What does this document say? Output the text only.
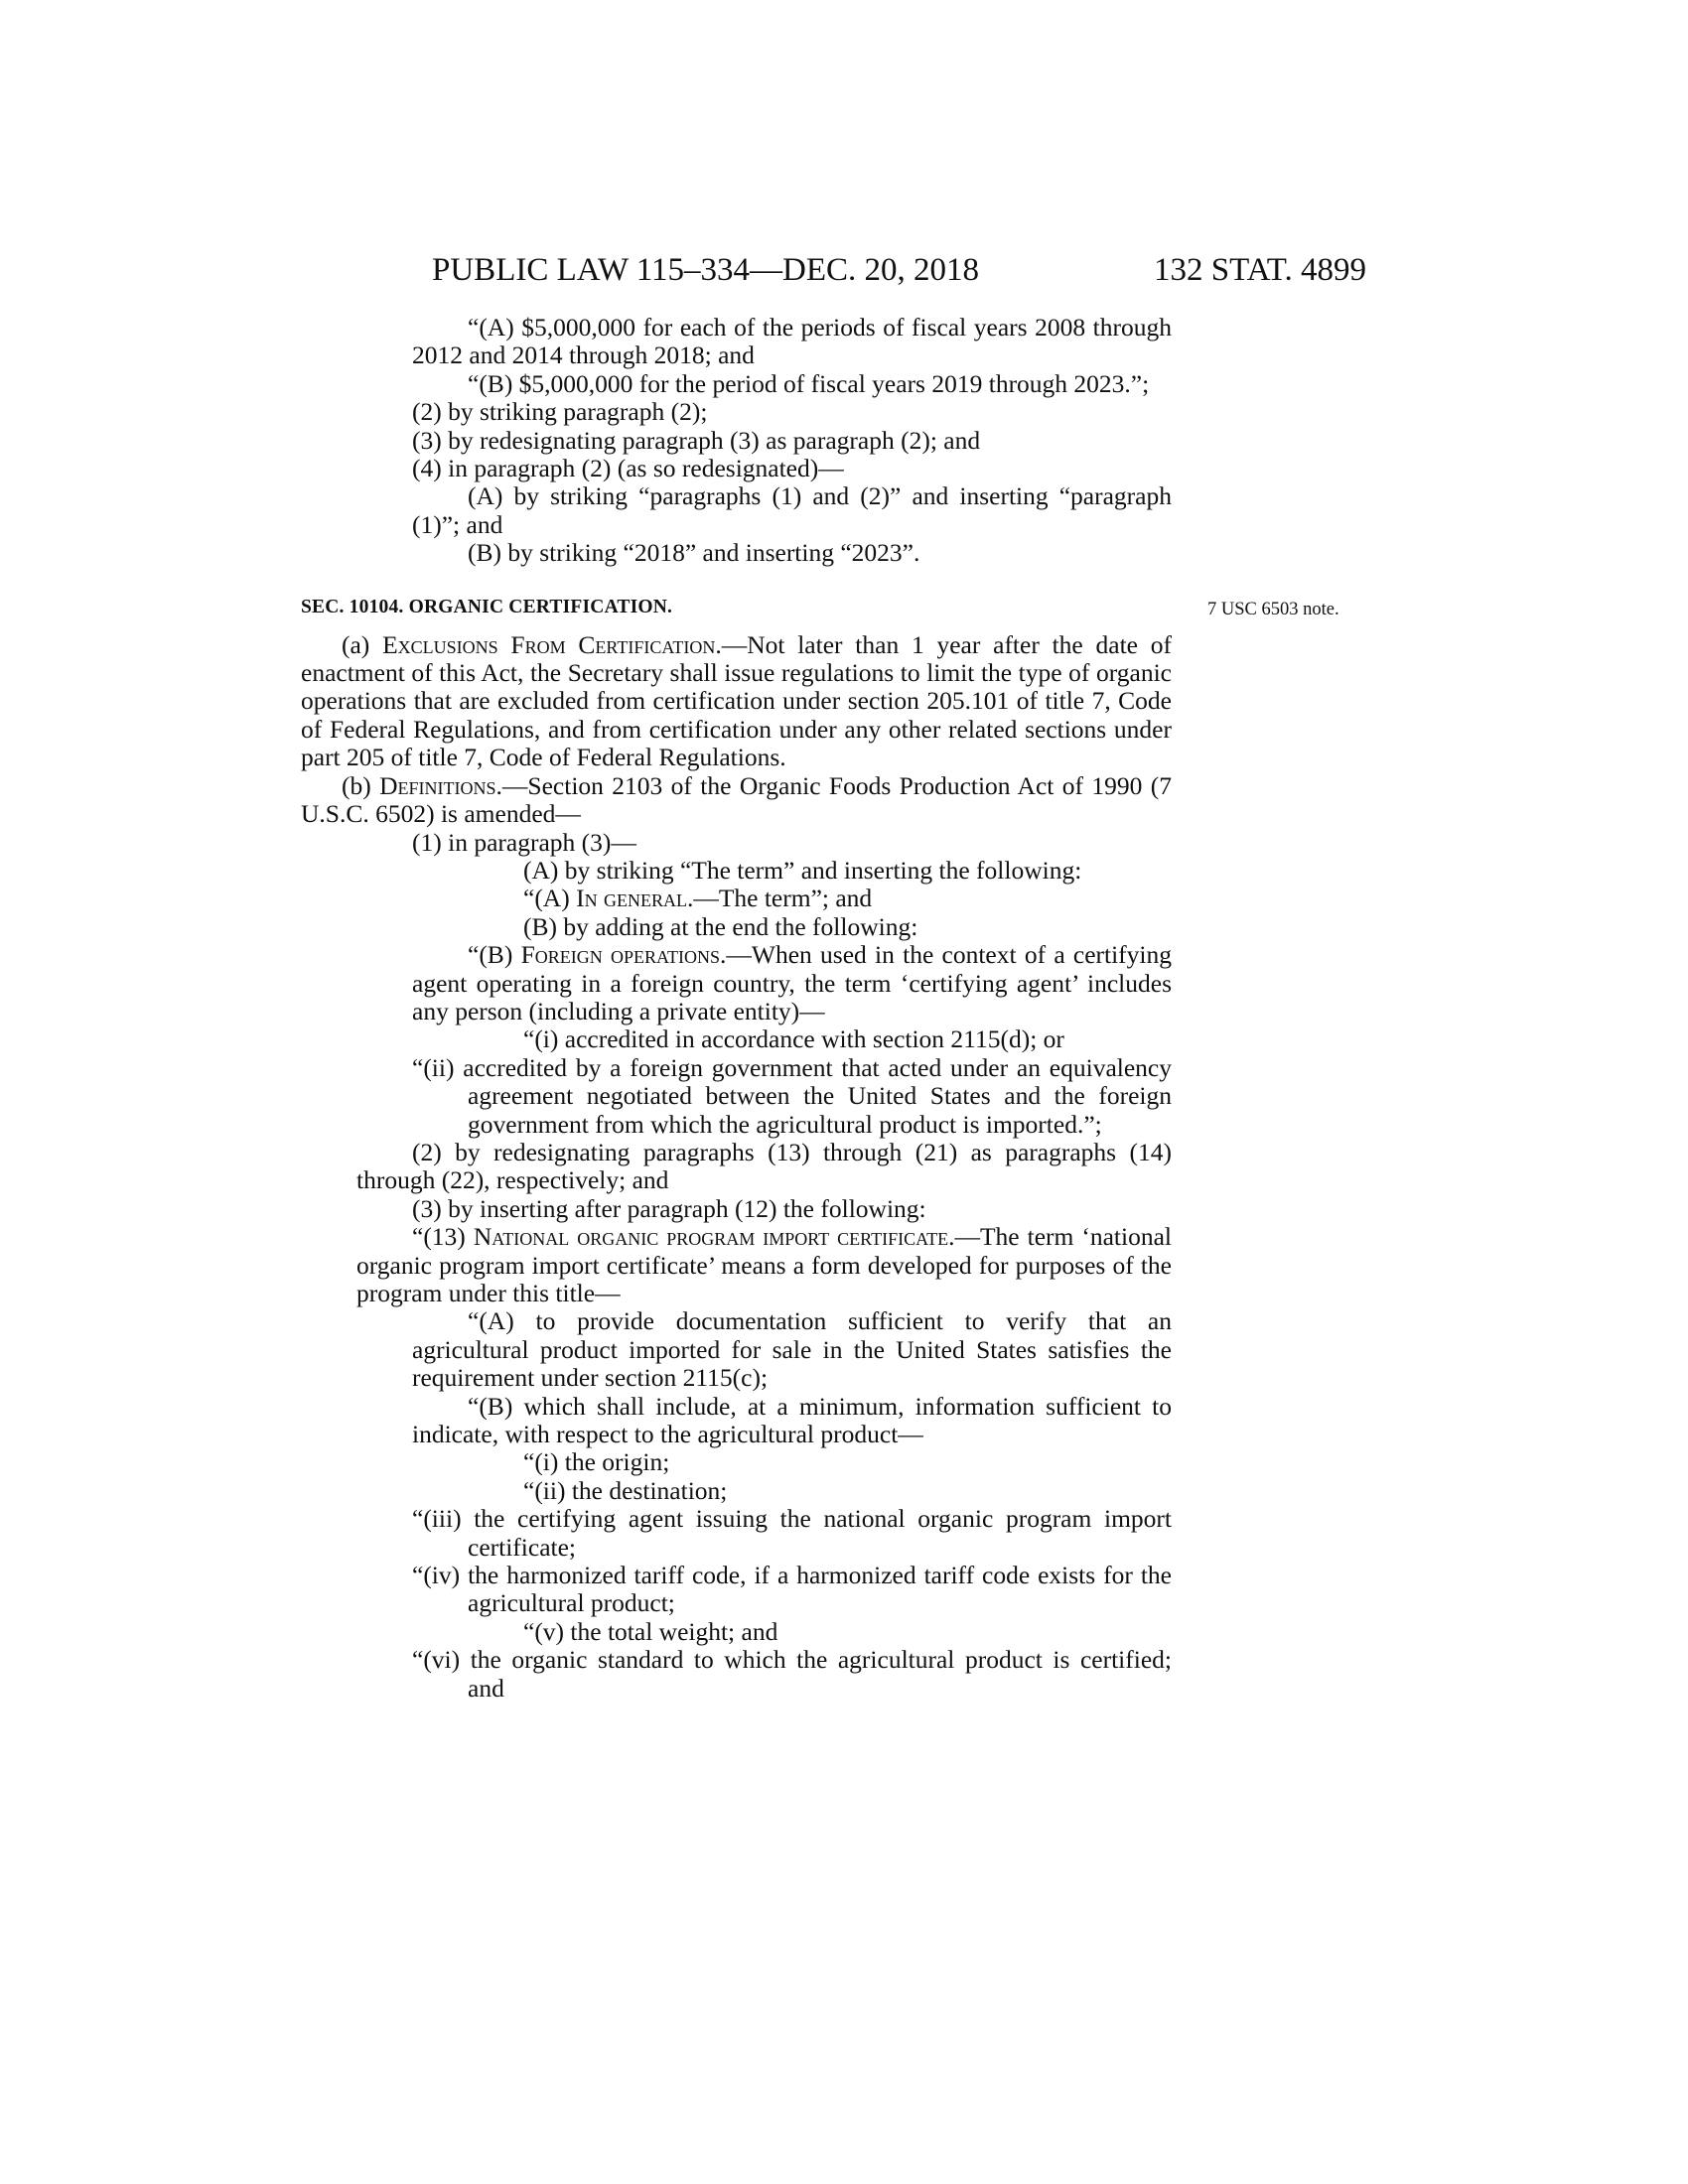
PUBLIC LAW 115–334—DEC. 20, 2018	132 STAT. 4899

“(A) $5,000,000 for each of the periods of fiscal years 2008 through 2012 and 2014 through 2018; and

“(B) $5,000,000 for the period of fiscal years 2019 through 2023.”;

(2) by striking paragraph (2);

(3) by redesignating paragraph (3) as paragraph (2); and

(4) in paragraph (2) (as so redesignated)—

(A) by striking “paragraphs (1) and (2)” and inserting “paragraph (1)”; and

(B) by striking “2018” and inserting “2023”.

SEC. 10104. ORGANIC CERTIFICATION.	7 USC 6503 note.

(a) Exclusions From Certification.—Not later than 1 year after the date of enactment of this Act, the Secretary shall issue regulations to limit the type of organic operations that are excluded from certification under section 205.101 of title 7, Code of Federal Regulations, and from certification under any other related sections under part 205 of title 7, Code of Federal Regulations.

(b) Definitions.—Section 2103 of the Organic Foods Production Act of 1990 (7 U.S.C. 6502) is amended—

(1) in paragraph (3)—

(A) by striking “The term” and inserting the following:

“(A) In general.—The term”; and

(B) by adding at the end the following:

“(B) Foreign operations.—When used in the context of a certifying agent operating in a foreign country, the term ‘certifying agent’ includes any person (including a private entity)—

“(i) accredited in accordance with section 2115(d); or

“(ii) accredited by a foreign government that acted under an equivalency agreement negotiated between the United States and the foreign government from which the agricultural product is imported.”;

(2) by redesignating paragraphs (13) through (21) as paragraphs (14) through (22), respectively; and

(3) by inserting after paragraph (12) the following:

“(13) National organic program import certificate.—The term ‘national organic program import certificate’ means a form developed for purposes of the program under this title—

“(A) to provide documentation sufficient to verify that an agricultural product imported for sale in the United States satisfies the requirement under section 2115(c);

“(B) which shall include, at a minimum, information sufficient to indicate, with respect to the agricultural product—

“(i) the origin;

“(ii) the destination;

“(iii) the certifying agent issuing the national organic program import certificate;

“(iv) the harmonized tariff code, if a harmonized tariff code exists for the agricultural product;

“(v) the total weight; and

“(vi) the organic standard to which the agricultural product is certified; and
